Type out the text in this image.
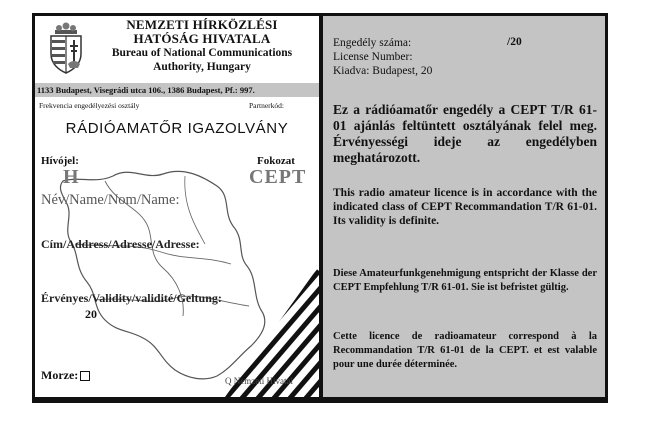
NEMZETI HÍRKÖZLÉSI
HATÓSÁG HIVATALA
Bureau of National Communications
Authority, Hungary
1133 Budapest, Visegrádi utca 106., 1386 Budapest, Pf.: 997.
Frekvencia engedélyezési osztály	Partnerkód:
RÁDIÓAMATŐR IGAZOLVÁNY
Hívójel:	Fokozat
H	CEPT
Név/Name/Nom/Name:
Cím/Address/Adresse/Adresse:
Érvényes/Validity/validité/Geltung:
20
Morze:	Q Nemzeti Hivatal
Engedély száma:
License Number:
Kiadva: Budapest, 20
/20
Ez a rádióamatőr engedély a CEPT T/R 61-01 ajánlás feltüntett osztályának felel meg. Érvényességi ideje az engedélyben meghatározott.
This radio amateur licence is in accordance with the indicated class of CEPT Recommandation T/R 61-01. Its validity is definite.
Diese Amateurfunkgenehmigung entspricht der Klasse der CEPT Empfehlung T/R 61-01. Sie ist befristet gültig.
Cette licence de radioamateur correspond à la Recommandation T/R 61-01 de la CEPT. et est valable pour une durée déterminée.
